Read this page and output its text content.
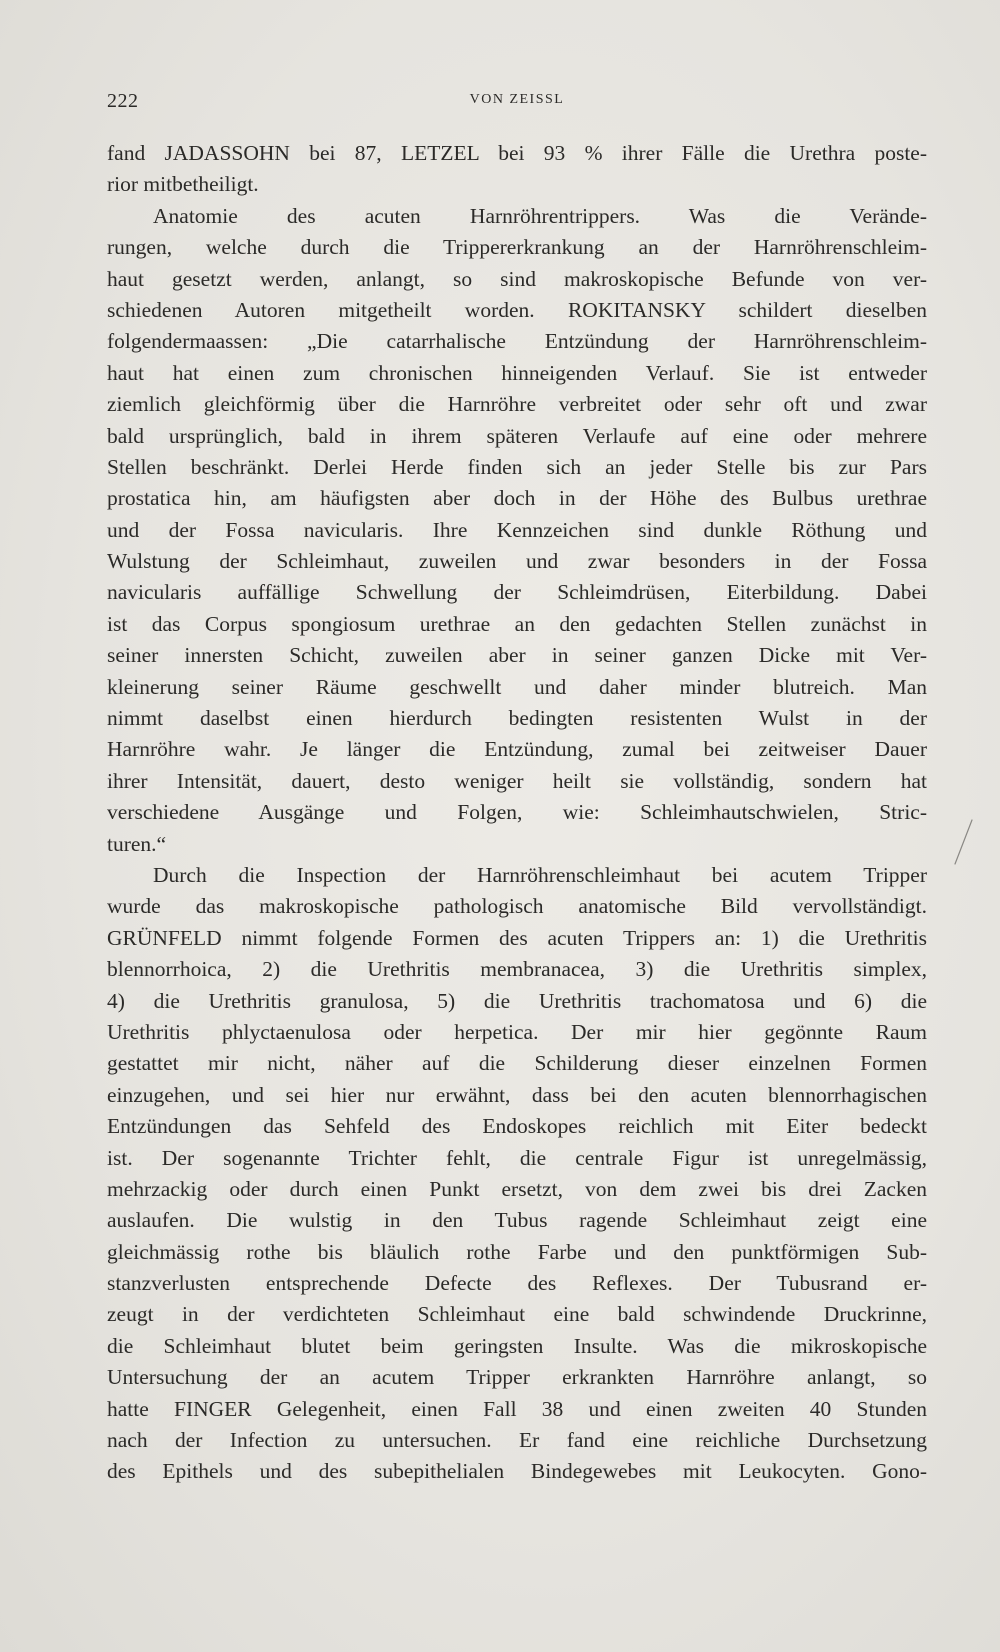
222	VON ZEISSL
fand JADASSOHN bei 87, LETZEL bei 93 % ihrer Fälle die Urethra poste-
rior mitbetheiligt.
Anatomie des acuten Harnröhrentrippers. Was die Verände-
rungen, welche durch die Trippererkrankung an der Harnröhrenschleim-
haut gesetzt werden, anlangt, so sind makroskopische Befunde von ver-
schiedenen Autoren mitgetheilt worden. ROKITANSKY schildert dieselben
folgendermaassen: „Die catarrhalische Entzündung der Harnröhrenschleim-
haut hat einen zum chronischen hinneigenden Verlauf. Sie ist entweder
ziemlich gleichförmig über die Harnröhre verbreitet oder sehr oft und zwar
bald ursprünglich, bald in ihrem späteren Verlaufe auf eine oder mehrere
Stellen beschränkt. Derlei Herde finden sich an jeder Stelle bis zur Pars
prostatica hin, am häufigsten aber doch in der Höhe des Bulbus urethrae
und der Fossa navicularis. Ihre Kennzeichen sind dunkle Röthung und
Wulstung der Schleimhaut, zuweilen und zwar besonders in der Fossa
navicularis auffällige Schwellung der Schleimdrüsen, Eiterbildung. Dabei
ist das Corpus spongiosum urethrae an den gedachten Stellen zunächst in
seiner innersten Schicht, zuweilen aber in seiner ganzen Dicke mit Ver-
kleinerung seiner Räume geschwellt und daher minder blutreich. Man
nimmt daselbst einen hierdurch bedingten resistenten Wulst in der
Harnröhre wahr. Je länger die Entzündung, zumal bei zeitweiser Dauer
ihrer Intensität, dauert, desto weniger heilt sie vollständig, sondern hat
verschiedene Ausgänge und Folgen, wie: Schleimhautschwielen, Stric-
turen.“
Durch die Inspection der Harnröhrenschleimhaut bei acutem Tripper
wurde das makroskopische pathologisch anatomische Bild vervollständigt.
GRÜNFELD nimmt folgende Formen des acuten Trippers an: 1) die Urethritis
blennorrhoica, 2) die Urethritis membranacea, 3) die Urethritis simplex,
4) die Urethritis granulosa, 5) die Urethritis trachomatosa und 6) die
Urethritis phlyctaenulosa oder herpetica. Der mir hier gegönnte Raum
gestattet mir nicht, näher auf die Schilderung dieser einzelnen Formen
einzugehen, und sei hier nur erwähnt, dass bei den acuten blennorrhagischen
Entzündungen das Sehfeld des Endoskopes reichlich mit Eiter bedeckt
ist. Der sogenannte Trichter fehlt, die centrale Figur ist unregelmässig,
mehrzackig oder durch einen Punkt ersetzt, von dem zwei bis drei Zacken
auslaufen. Die wulstig in den Tubus ragende Schleimhaut zeigt eine
gleichmässig rothe bis bläulich rothe Farbe und den punktförmigen Sub-
stanzverlusten entsprechende Defecte des Reflexes. Der Tubusrand er-
zeugt in der verdichteten Schleimhaut eine bald schwindende Druckrinne,
die Schleimhaut blutet beim geringsten Insulte. Was die mikroskopische
Untersuchung der an acutem Tripper erkrankten Harnröhre anlangt, so
hatte FINGER Gelegenheit, einen Fall 38 und einen zweiten 40 Stunden
nach der Infection zu untersuchen. Er fand eine reichliche Durchsetzung
des Epithels und des subepithelialen Bindegewebes mit Leukocyten. Gono-
